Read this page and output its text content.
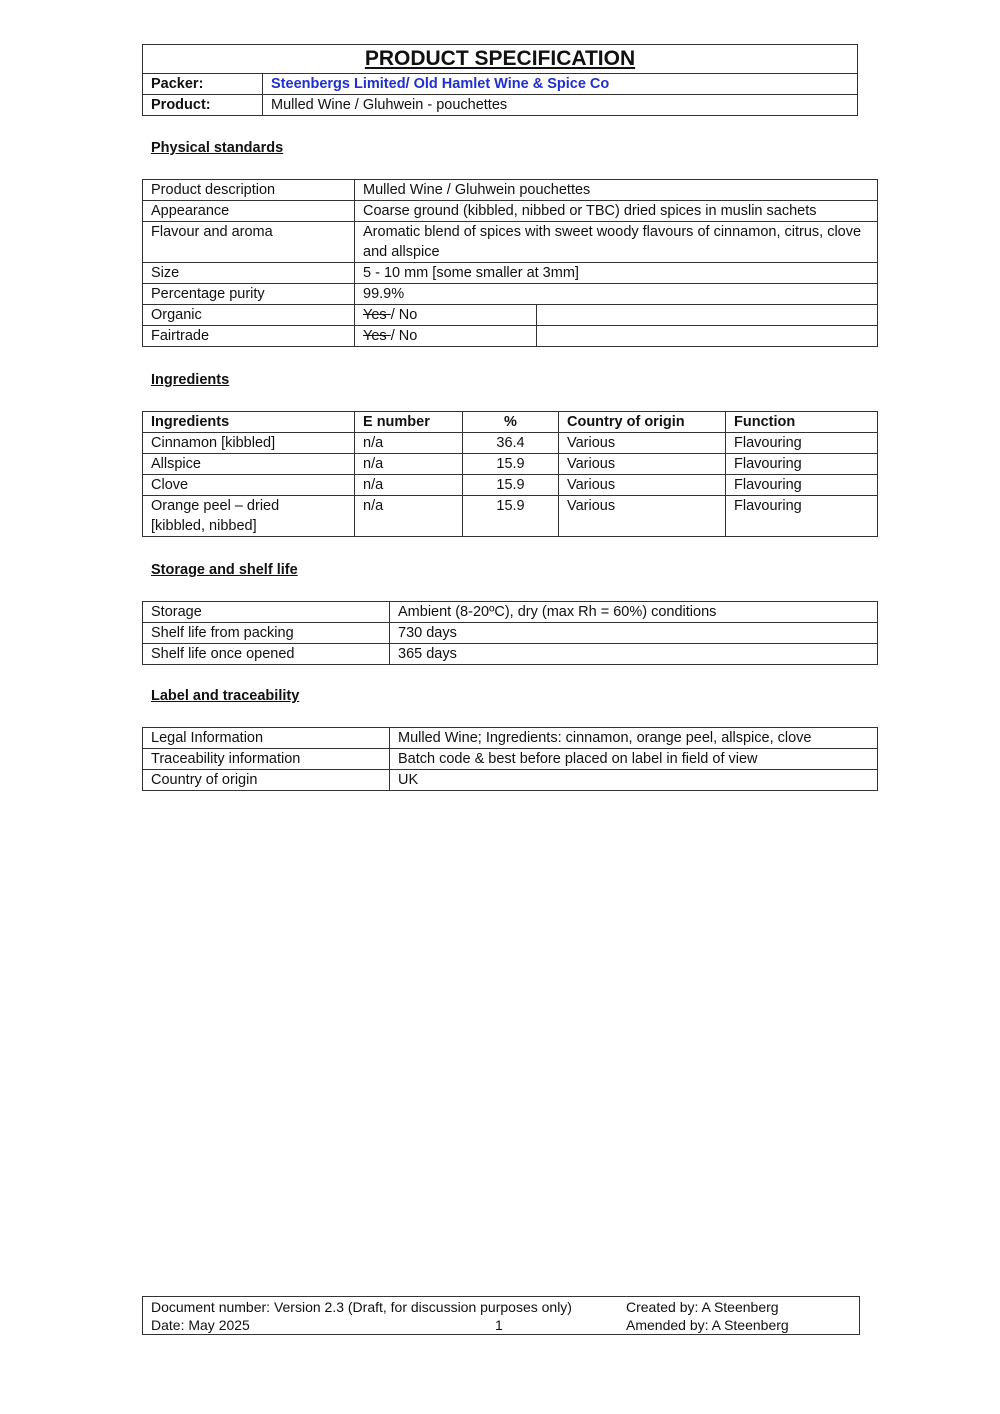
PRODUCT SPECIFICATION	
Packer:	Steenbergs Limited/ Old Hamlet Wine & Spice Co
Product:	Mulled Wine / Gluhwein - pouchettes
Physical standards
Product description	Mulled Wine / Gluhwein pouchettes	
Appearance	Coarse ground (kibbled, nibbed or TBC) dried spices in muslin sachets	
Flavour and aroma	Aromatic blend of spices with sweet woody flavours of cinnamon, citrus, clove and allspice	
Size	5 - 10 mm [some smaller at 3mm]	
Percentage purity	99.9%	
Organic	Yes / No	
Fairtrade	Yes / No	
Ingredients
Ingredients	E number	%	Country of origin	Function
Cinnamon [kibbled]	n/a	36.4	Various	Flavouring
Allspice	n/a	15.9	Various	Flavouring
Clove	n/a	15.9	Various	Flavouring
Orange peel – dried [kibbled, nibbed]	n/a	15.9	Various	Flavouring
Storage and shelf life
Storage	Ambient (8-20ºC), dry (max Rh = 60%) conditions
Shelf life from packing	730 days
Shelf life once opened	365 days
Label and traceability
Legal Information	Mulled Wine; Ingredients: cinnamon, orange peel, allspice, clove
Traceability information	Batch code & best before placed on label in field of view
Country of origin	UK
Document number: Version 2.3 (Draft, for discussion purposes only)
Date: May 2025	1
Created by: A Steenberg
Amended by: A Steenberg
